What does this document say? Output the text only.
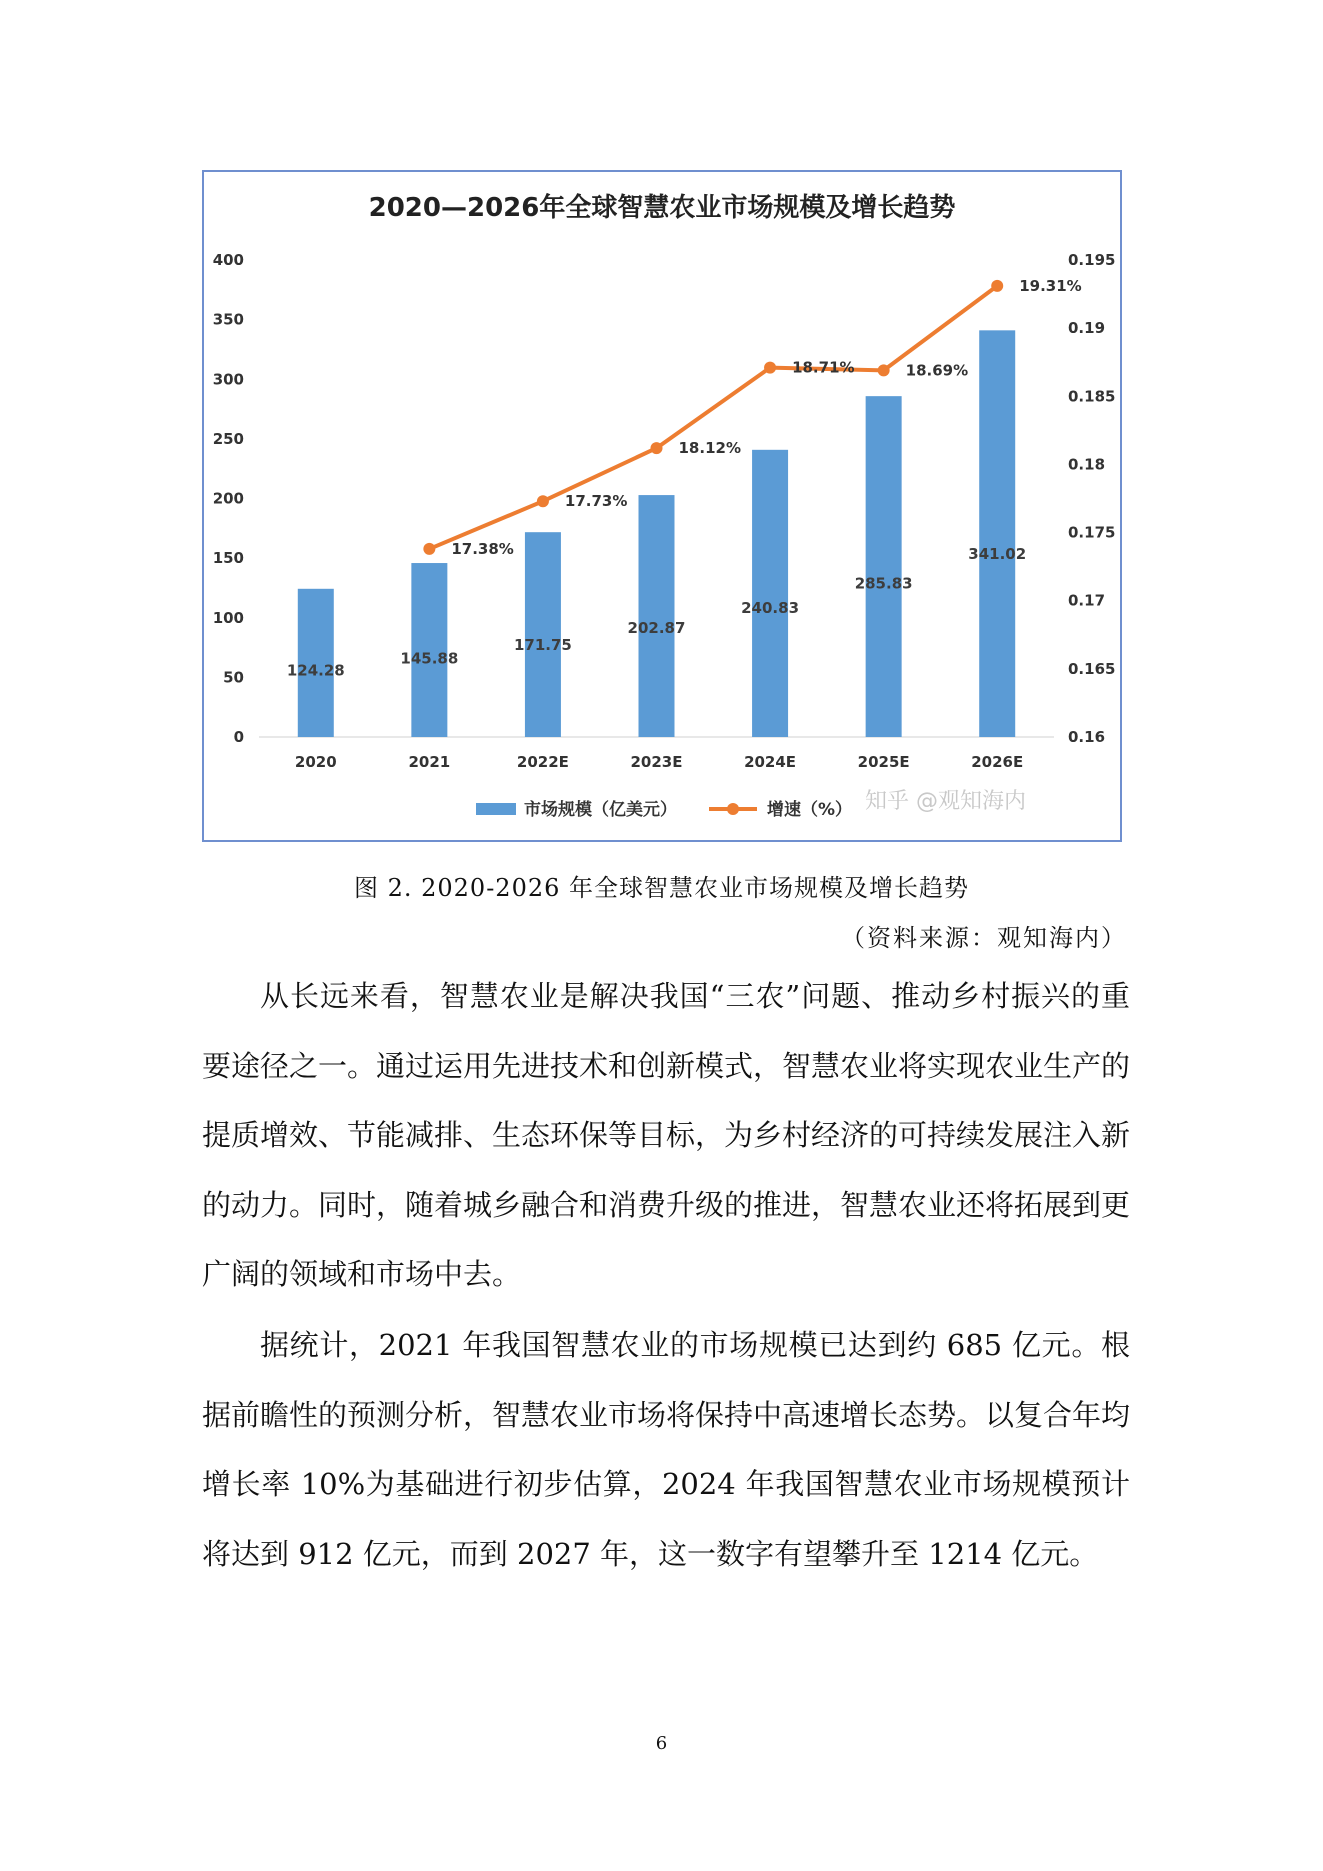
2020—2026年全球智慧农业市场规模及增长趋势
知乎 @观知海内
0
50
100
150
200
250
300
350
400
0.16
0.165
0.17
0.175
0.18
0.185
0.19
0.195
124.28
145.88
171.75
202.87
240.83
285.83
341.02
2020	2021	2022E	2023E	2024E	2025E	2026E
17.38%
17.73%
18.12%
18.71%	18.69%
19.31%
市场规模（亿美元）	增速（%）
图 2. 2020-2026 年全球智慧农业市场规模及增长趋势
（资料来源：观知海内）

从长远来看，智慧农业是解决我国“三农”问题、推动乡村振兴的重要途径之一。通过运用先进技术和创新模式，智慧农业将实现农业生产的提质增效、节能减排、生态环保等目标，为乡村经济的可持续发展注入新的动力。同时，随着城乡融合和消费升级的推进，智慧农业还将拓展到更广阔的领域和市场中去。

据统计，2021 年我国智慧农业的市场规模已达到约 685 亿元。根据前瞻性的预测分析，智慧农业市场将保持中高速增长态势。以复合年均增长率 10%为基础进行初步估算，2024 年我国智慧农业市场规模预计将达到 912 亿元，而到 2027 年，这一数字有望攀升至 1214 亿元。

6
